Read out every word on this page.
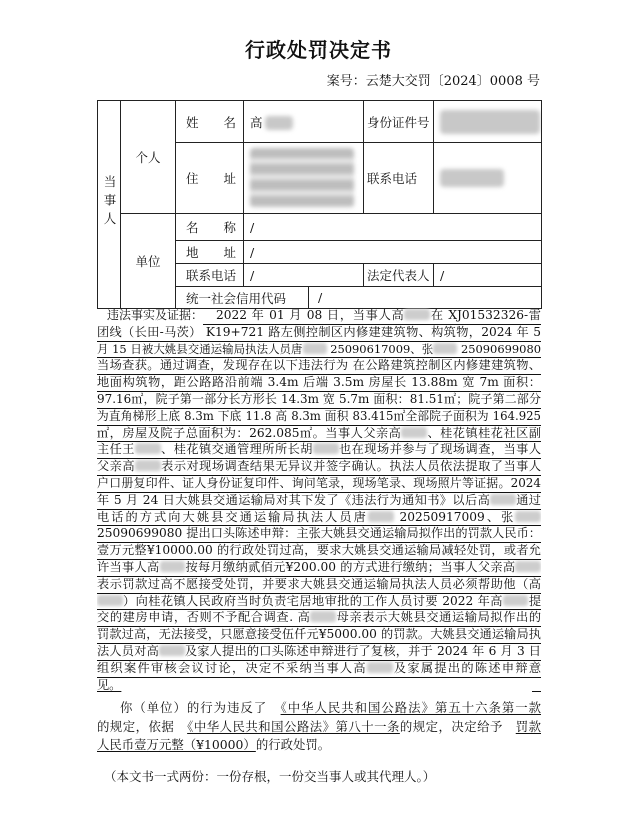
行政处罚决定书
案号：云楚大交罚〔2024〕0008 号
当事人	个人	姓　　名	高		身份证件号	
		住　　址			联系电话	
	单位	名　　称	/			
		地　　址	/			
		联系电话	/		法定代表人	/
		统一社会信用代码		/		
违法事实及证据： 　2022 年 01 月 08 日，当事人高 在 XJ01532326-雷
团线（长田-马茨） K19+721 路左侧控制区内修建建筑物、构筑物，2024 年 5
月 15 日被大姚县交通运输局执法人员唐 25090617009、张 25090699080
当场查获。通过调查，发现存在以下违法行为 在公路建筑控制区内修建建筑物、
地面构筑物，距公路路沿前端 3.4m 后端 3.5m 房屋长 13.88m 宽 7m 面积：
97.16㎡，院子第一部分长方形长 14.3m 宽 5.7m 面积：81.51㎡；院子第二部分
为直角梯形上底 8.3m 下底 11.8 高 8.3m 面积 83.415㎡全部院子面积为 164.925
㎡，房屋及院子总面积为：262.085㎡。当事人父亲高 、桂花镇桂花社区副
主任王 、桂花镇交通管理所所长胡 也在现场并参与了现场调查，当事人
父亲高 表示对现场调查结果无异议并签字确认。执法人员依法提取了当事人
户口册复印件、证人身份证复印件、询问笔录，现场笔录、现场照片等证据。2024
年 5 月 24 日大姚县交通运输局对其下发了《违法行为通知书》以后高 通过
电话的方式向大姚县交通运输局执法人员唐 20250917009、张
25090699080 提出口头陈述申辩：主张大姚县交通运输局拟作出的罚款人民币：
壹万元整¥10000.00 的行政处罚过高，要求大姚县交通运输局减轻处罚，或者允
许当事人高 按每月缴纳贰佰元¥200.00 的方式进行缴纳；当事人父亲高
表示罚款过高不愿接受处罚，并要求大姚县交通运输局执法人员必须帮助他（高
）向桂花镇人民政府当时负责宅居地审批的工作人员讨要 2022 年高 提
交的建房申请，否则不予配合调查. 高 母亲表示大姚县交通运输局拟作出的
罚款过高，无法接受，只愿意接受伍仟元¥5000.00 的罚款。大姚县交通运输局执
法人员对高 及家人提出的口头陈述申辩进行了复核，并于 2024 年 6 月 3 日
组织案件审核会议讨论，决定不采纳当事人高 及家属提出的陈述申辩意
见。
你（单位）的行为违反了　《中华人民共和国公路法》第五十六条第一款
的规定，依据　《中华人民共和国公路法》第八十一条的规定，决定给予　罚款
人民币壹万元整（¥10000）的行政处罚。
（本文书一式两份：一份存根，一份交当事人或其代理人。）
